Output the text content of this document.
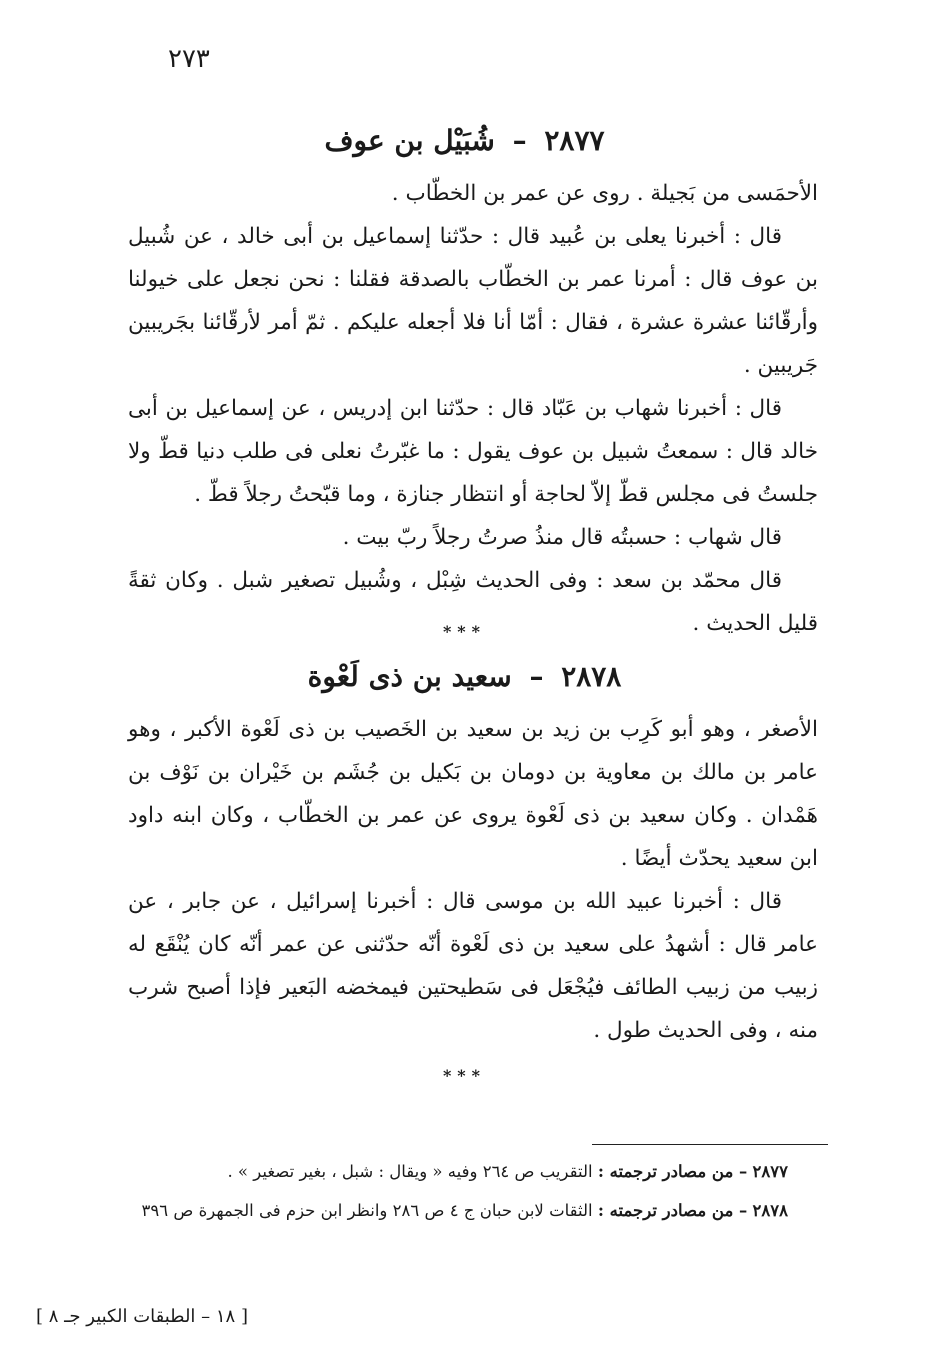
٢٧٣
٢٨٧٧ – شُبَيْل بن عوف

الأحمَسى من بَجيلة . روى عن عمر بن الخطّاب .

قال : أخبرنا يعلى بن عُبيد قال : حدّثنا إسماعيل بن أبى خالد ، عن شُبيل بن عوف قال : أمرنا عمر بن الخطّاب بالصدقة فقلنا : نحن نجعل على خيولنا وأرقّائنا عشرة عشرة ، فقال : أمّا أنا فلا أجعله عليكم . ثمّ أمر لأرقّائنا بجَريبين جَريبين .

قال : أخبرنا شهاب بن عَبّاد قال : حدّثنا ابن إدريس ، عن إسماعيل بن أبى خالد قال : سمعتُ شبيل بن عوف يقول : ما غبّرتُ نعلى فى طلب دنيا قطّ ولا جلستُ فى مجلس قطّ إلاّ لحاجة أو انتظار جنازة ، وما قبّحتُ رجلاً قطّ .

قال شهاب : حسبتُه قال منذُ صرتُ رجلاً ربّ بيت .

قال محمّد بن سعد : وفى الحديث شِبْل ، وشُبيل تصغير شبل . وكان ثقةً قليل الحديث .

***
٢٨٧٨ – سعيد بن ذى لَعْوة

الأصغر ، وهو أبو كَرِب بن زيد بن سعيد بن الخَصيب بن ذى لَعْوة الأكبر ، وهو عامر بن مالك بن معاوية بن دومان بن بَكيل بن جُشَم بن خَيْران بن نَوْف بن هَمْدان . وكان سعيد بن ذى لَعْوة يروى عن عمر بن الخطّاب ، وكان ابنه داود ابن سعيد يحدّث أيضًا .

قال : أخبرنا عبيد الله بن موسى قال : أخبرنا إسرائيل ، عن جابر ، عن عامر قال : أشهدُ على سعيد بن ذى لَعْوة أنّه حدّثنى عن عمر أنّه كان يُنْقَع له زبيب من زبيب الطائف فيُجْعَل فى سَطيحتين فيمخضه البَعير فإذا أصبح شرب منه ، وفى الحديث طول .

***

٢٨٧٧ – من مصادر ترجمته : التقريب ص ٢٦٤ وفيه « ويقال : شبل ، بغير تصغير » .

٢٨٧٨ – من مصادر ترجمته : الثقات لابن حبان ج ٤ ص ٢٨٦ وانظر ابن حزم فى الجمهرة ص ٣٩٦

[ ١٨ – الطبقات الكبير جـ ٨ ]
